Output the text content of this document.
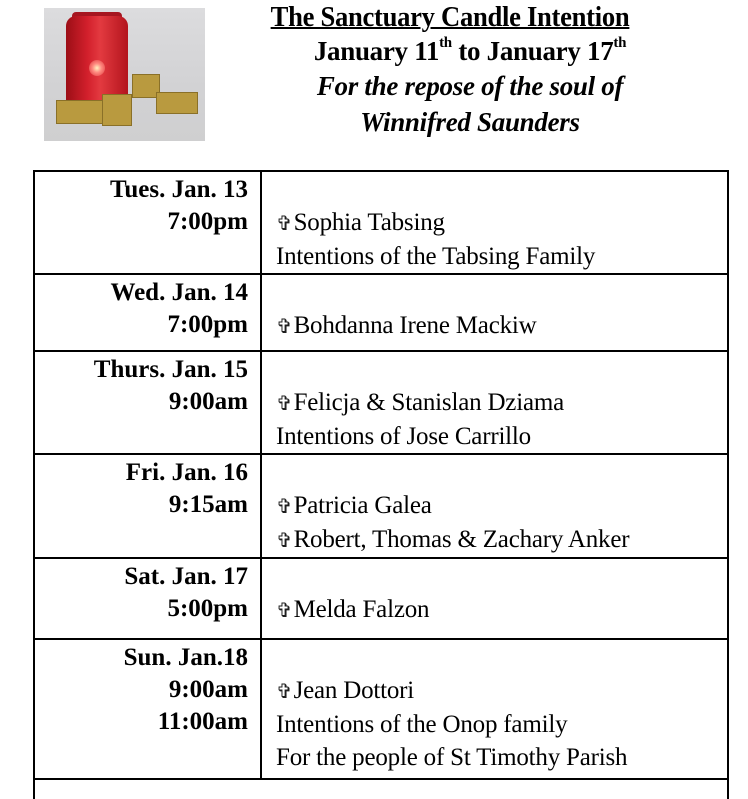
The Sanctuary Candle Intention
January 11th to January 17th
For the repose of the soul of
Winnifred Saunders
Tues. Jan. 13
7:00pm	✞Sophia Tabsing
Intentions of the Tabsing Family

Wed. Jan. 14
7:00pm	✞Bohdanna Irene Mackiw

Thurs. Jan. 15
9:00am	✞Felicja & Stanislan Dziama
Intentions of Jose Carrillo

Fri. Jan. 16
9:15am	✞Patricia Galea
✞Robert, Thomas & Zachary Anker

Sat. Jan. 17
5:00pm	✞Melda Falzon

Sun. Jan.18
9:00am
11:00am	✞Jean Dottori
Intentions of the Onop family
For the people of St Timothy Parish
